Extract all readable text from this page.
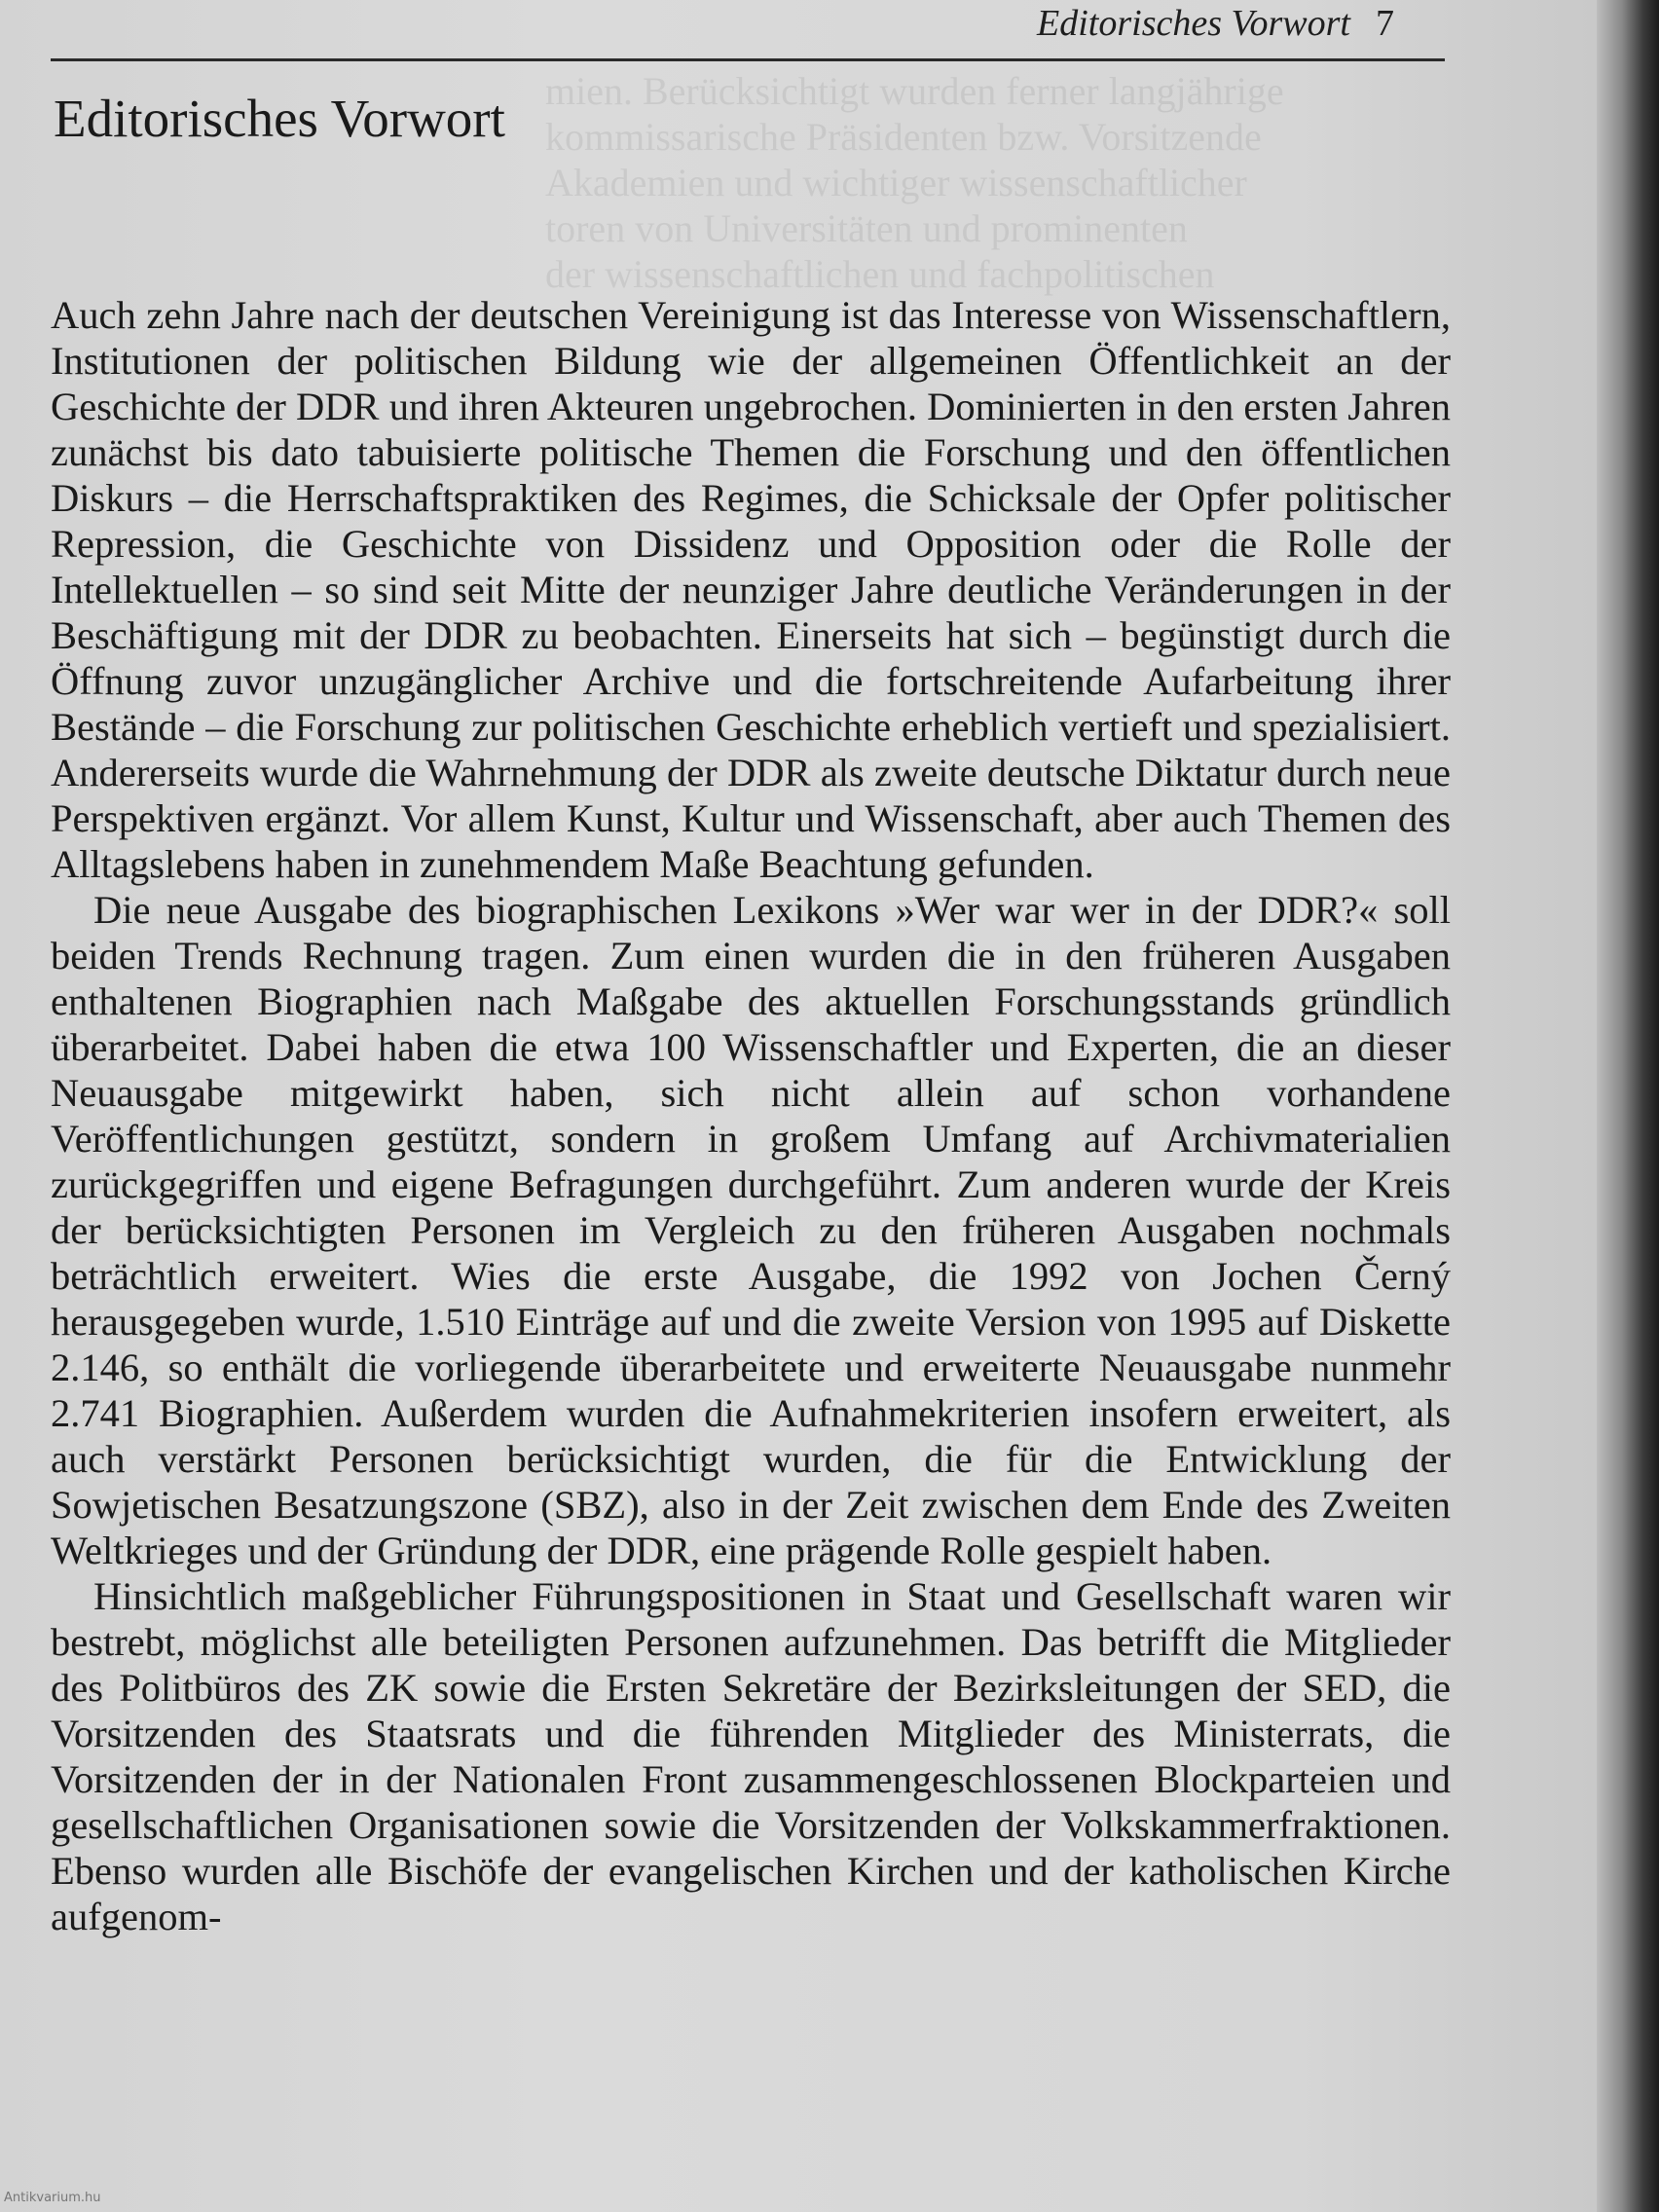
mien. Berücksichtigt wurden ferner langjährige
kommissarische Präsidenten bzw. Vorsitzende
Akademien und wichtiger wissenschaftlicher
toren von Universitäten und prominenten
der wissenschaftlichen und fachpolitischen
Editorisches Vorwort 7
Editorisches Vorwort

Auch zehn Jahre nach der deutschen Vereinigung ist das Interesse von Wissenschaftlern, Institutionen der politischen Bildung wie der allgemeinen Öffentlichkeit an der Geschichte der DDR und ihren Akteuren ungebrochen. Dominierten in den ersten Jahren zunächst bis dato tabuisierte politische Themen die Forschung und den öffentlichen Diskurs – die Herrschaftspraktiken des Regimes, die Schicksale der Opfer politischer Repression, die Geschichte von Dissidenz und Opposition oder die Rolle der Intellektuellen – so sind seit Mitte der neunziger Jahre deutliche Veränderungen in der Beschäftigung mit der DDR zu beobachten. Einerseits hat sich – begünstigt durch die Öffnung zuvor unzugänglicher Archive und die fortschreitende Aufarbeitung ihrer Bestände – die Forschung zur politischen Geschichte erheblich vertieft und spezialisiert. Andererseits wurde die Wahrnehmung der DDR als zweite deutsche Diktatur durch neue Perspektiven ergänzt. Vor allem Kunst, Kultur und Wissenschaft, aber auch Themen des Alltagslebens haben in zunehmendem Maße Beachtung gefunden.

Die neue Ausgabe des biographischen Lexikons »Wer war wer in der DDR?« soll beiden Trends Rechnung tragen. Zum einen wurden die in den früheren Ausgaben enthaltenen Biographien nach Maßgabe des aktuellen Forschungsstands gründlich überarbeitet. Dabei haben die etwa 100 Wissenschaftler und Experten, die an dieser Neuausgabe mitgewirkt haben, sich nicht allein auf schon vorhandene Veröffentlichungen gestützt, sondern in großem Umfang auf Archivmaterialien zurückgegriffen und eigene Befragungen durchgeführt. Zum anderen wurde der Kreis der berücksichtigten Personen im Vergleich zu den früheren Ausgaben nochmals beträchtlich erweitert. Wies die erste Ausgabe, die 1992 von Jochen Černý herausgegeben wurde, 1.510 Einträge auf und die zweite Version von 1995 auf Diskette 2.146, so enthält die vorliegende überarbeitete und erweiterte Neuausgabe nunmehr 2.741 Biographien. Außerdem wurden die Aufnahmekriterien insofern erweitert, als auch verstärkt Personen berücksichtigt wurden, die für die Entwicklung der Sowjetischen Besatzungszone (SBZ), also in der Zeit zwischen dem Ende des Zweiten Weltkrieges und der Gründung der DDR, eine prägende Rolle gespielt haben.

Hinsichtlich maßgeblicher Führungspositionen in Staat und Gesellschaft waren wir bestrebt, möglichst alle beteiligten Personen aufzunehmen. Das betrifft die Mitglieder des Politbüros des ZK sowie die Ersten Sekretäre der Bezirksleitungen der SED, die Vorsitzenden des Staatsrats und die führenden Mitglieder des Ministerrats, die Vorsitzenden der in der Nationalen Front zusammengeschlossenen Blockparteien und gesellschaftlichen Organisationen sowie die Vorsitzenden der Volkskammerfraktionen. Ebenso wurden alle Bischöfe der evangelischen Kirchen und der katholischen Kirche aufgenom-

Antikvarium.hu
